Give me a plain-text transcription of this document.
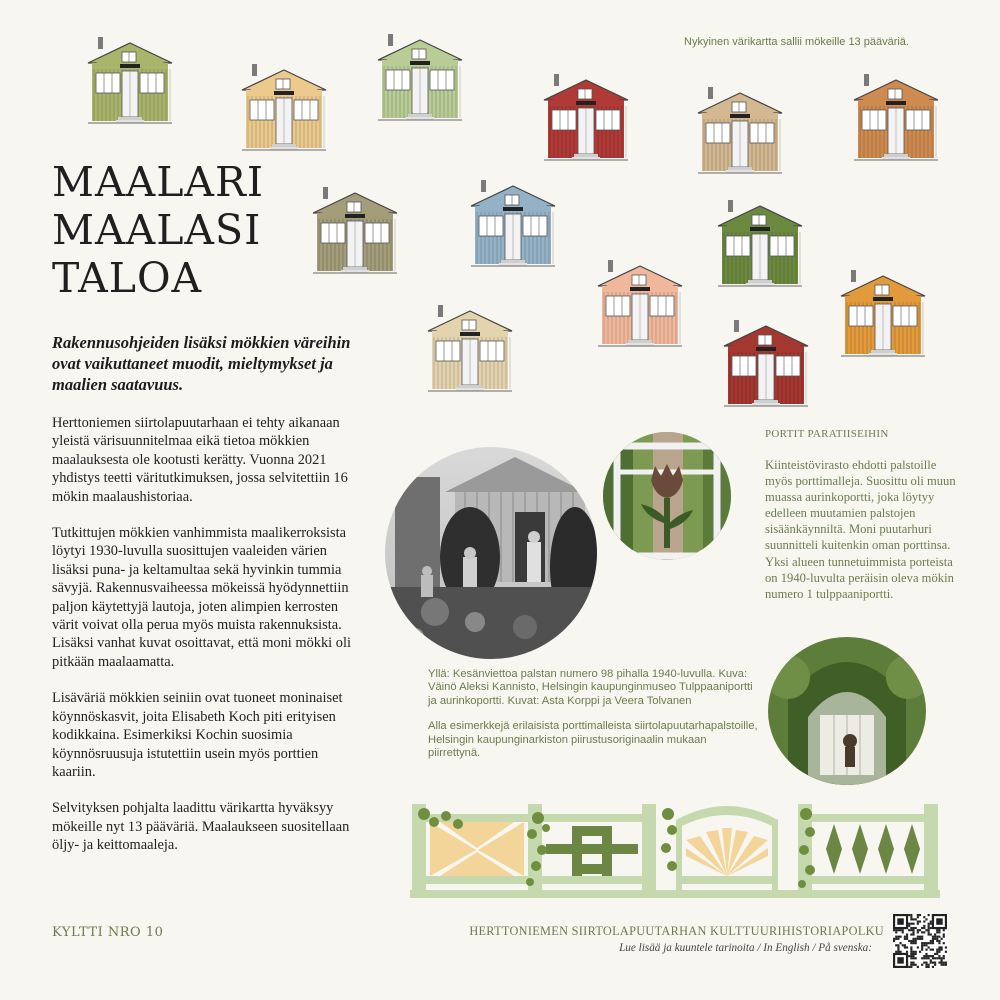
Nykyinen värikartta sallii mökeille 13 pääväriä.
MAALARI
MAALASI
TALOA
Rakennusohjeiden lisäksi mökkien väreihin ovat vaikuttaneet muodit, mieltymykset ja maalien saatavuus.

Herttoniemen siirtolapuutarhaan ei tehty aikanaan yleistä värisuunnitelmaa eikä tietoa mökkien maalauksesta ole kootusti kerätty. Vuonna 2021 yhdistys teetti väritutkimuksen, jossa selvitettiin 16 mökin maalaushistoriaa.

Tutkittujen mökkien vanhimmista maalikerroksista löytyi 1930-luvulla suosittujen vaaleiden värien lisäksi puna- ja keltamultaa sekä hyvinkin tummia sävyjä. Rakennusvaiheessa mökeissä hyödynnettiin paljon käytettyjä lautoja, joten alimpien kerrosten värit voivat olla perua myös muista rakennuksista. Lisäksi vanhat kuvat osoittavat, että moni mökki oli pitkään maalaamatta.

Lisäväriä mökkien seiniin ovat tuoneet moninaiset köynnöskasvit, joita Elisabeth Koch piti erityisen kodikkaina. Esimerkiksi Kochin suosimia köynnösruusuja istutettiin usein myös porttien kaariin.

Selvityksen pohjalta laadittu värikartta hyväksyy mökeille nyt 13 pääväriä. Maalaukseen suositellaan öljy- ja keittomaaleja.

PORTIT PARATIISEIHIN
Kiinteistövirasto ehdotti palstoille myös porttimalleja. Suosittu oli muun muassa aurinkoportti, joka löytyy edelleen muutamien palstojen sisäänkäynniltä. Moni puutarhuri suunnitteli kuitenkin oman porttinsa. Yksi alueen tunnetuimmista porteista on 1940-luvulta peräisin oleva mökin numero 1 tulppaaniportti.

Yllä: Kesänviettoa palstan numero 98 pihalla 1940-luvulla. Kuva: Väinö Aleksi Kannisto, Helsingin kaupunginmuseo Tulppaaniportti ja aurinkoportti. Kuvat: Asta Korppi ja Veera Tolvanen

Alla esimerkkejä erilaisista porttimalleista siirtolapuutarhapalstoille, Helsingin kaupunginarkiston piirustusoriginaalin mukaan piirrettynä.

KYLTTI NRO 10	HERTTONIEMEN SIIRTOLAPUUTARHAN KULTTUURIHISTORIAPOLKU
Lue lisää ja kuuntele tarinoita / In English / På svenska:
